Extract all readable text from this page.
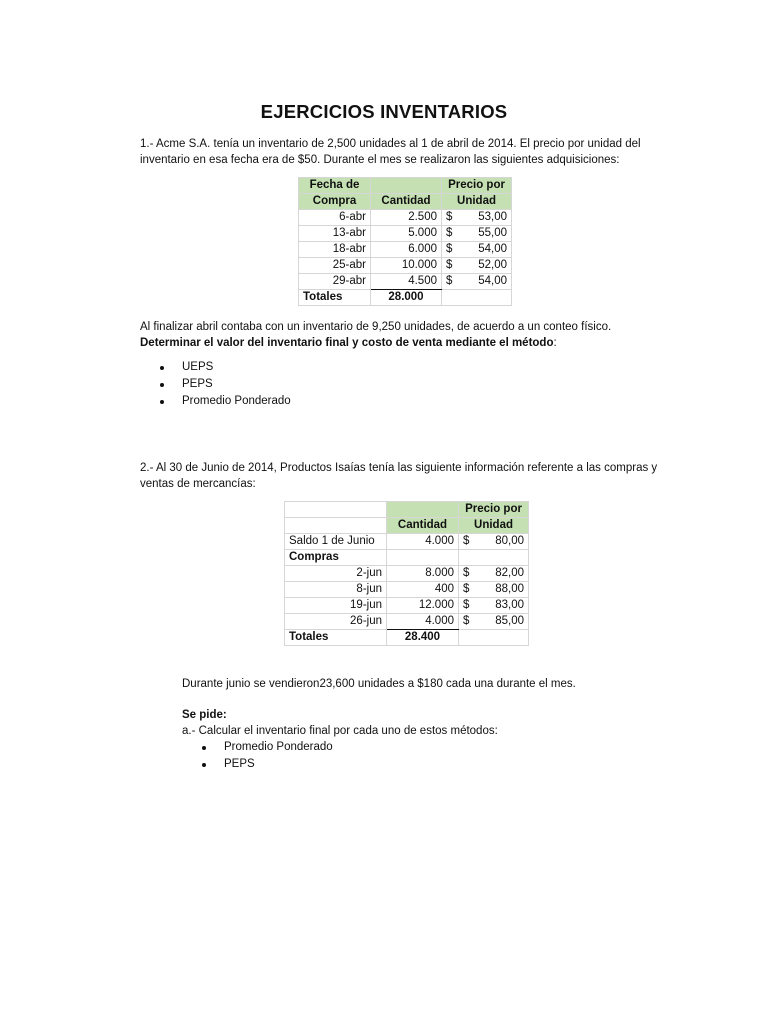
EJERCICIOS INVENTARIOS

1.- Acme S.A. tenía un inventario de 2,500 unidades al 1 de abril de 2014. El precio por unidad del

inventario en esa fecha era de $50. Durante el mes se realizaron las siguientes adquisiciones:

Fecha de		Precio por	
Compra	Cantidad	Unidad	
6-abr	2.500	$	53,00
13-abr	5.000	$	55,00
18-abr	6.000	$	54,00
25-abr	10.000	$	52,00
29-abr	4.500	$	54,00
Totales	28.000		

Al finalizar abril contaba con un inventario de 9,250 unidades, de acuerdo a un conteo físico.

Determinar el valor del inventario final y costo de venta mediante el método:

UEPS
PEPS
Promedio Ponderado

2.- Al 30 de Junio de 2014, Productos Isaías tenía las siguiente información referente a las compras y

ventas de mercancías:

		Precio por	
	Cantidad	Unidad	
Saldo 1 de Junio	4.000	$	80,00
Compras			
2-jun	8.000	$	82,00
8-jun	400	$	88,00
19-jun	12.000	$	83,00
26-jun	4.000	$	85,00
Totales	28.400		

Durante junio se vendieron23,600 unidades a $180 cada una durante el mes.

Se pide:

a.- Calcular el inventario final por cada uno de estos métodos:

Promedio Ponderado
PEPS
